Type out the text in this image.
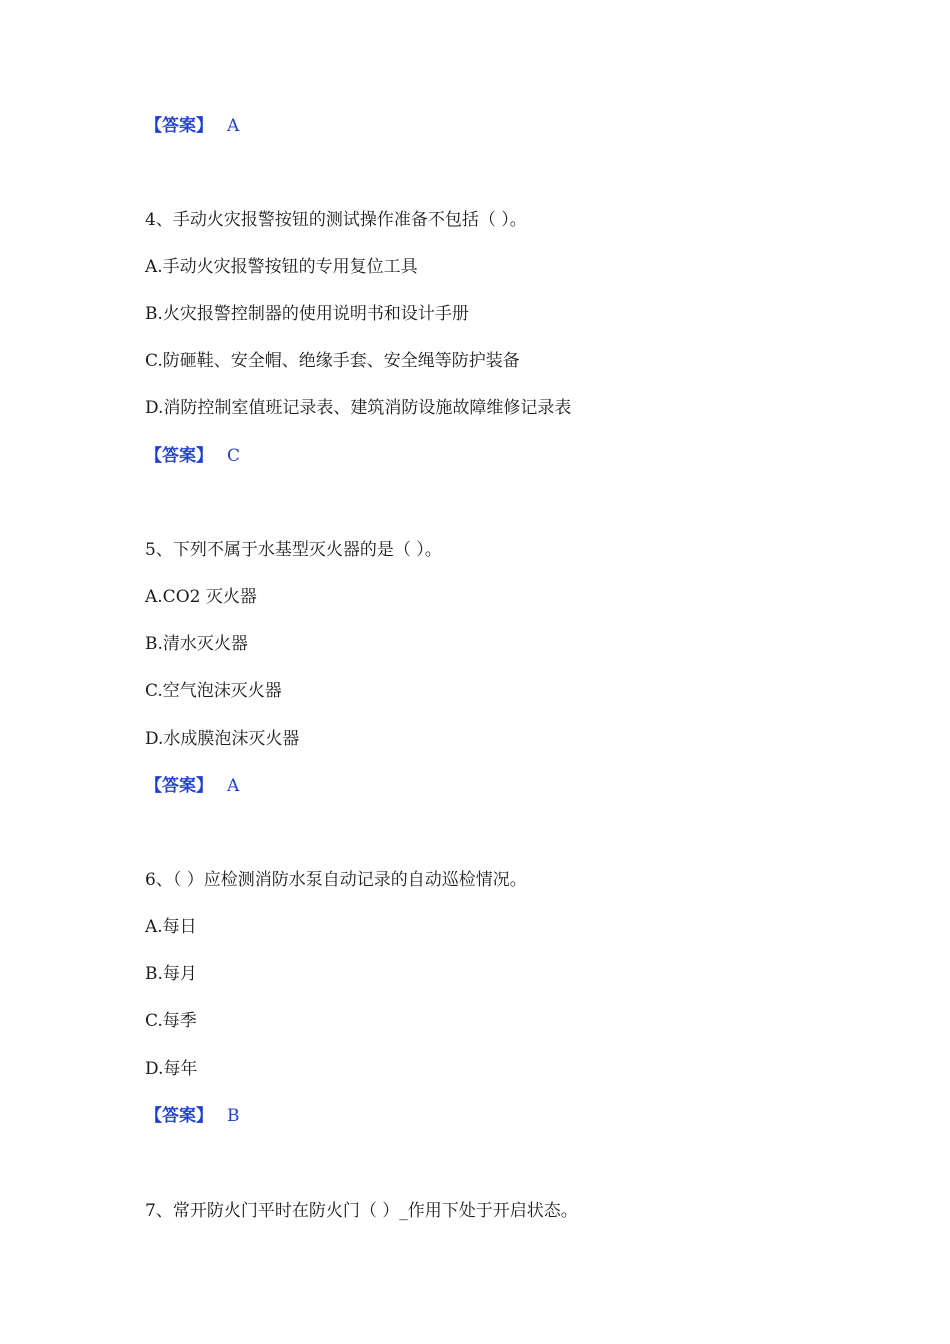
【答案】 A
4、手动火灾报警按钮的测试操作准备不包括（ ）。
A.手动火灾报警按钮的专用复位工具
B.火灾报警控制器的使用说明书和设计手册
C.防砸鞋、安全帽、绝缘手套、安全绳等防护装备
D.消防控制室值班记录表、建筑消防设施故障维修记录表
【答案】 C
5、下列不属于水基型灭火器的是（ ）。
A.CO2 灭火器
B.清水灭火器
C.空气泡沫灭火器
D.水成膜泡沫灭火器
【答案】 A
6、（ ）应检测消防水泵自动记录的自动巡检情况。
A.每日
B.每月
C.每季
D.每年
【答案】 B
7、常开防火门平时在防火门（ ）_作用下处于开启状态。
